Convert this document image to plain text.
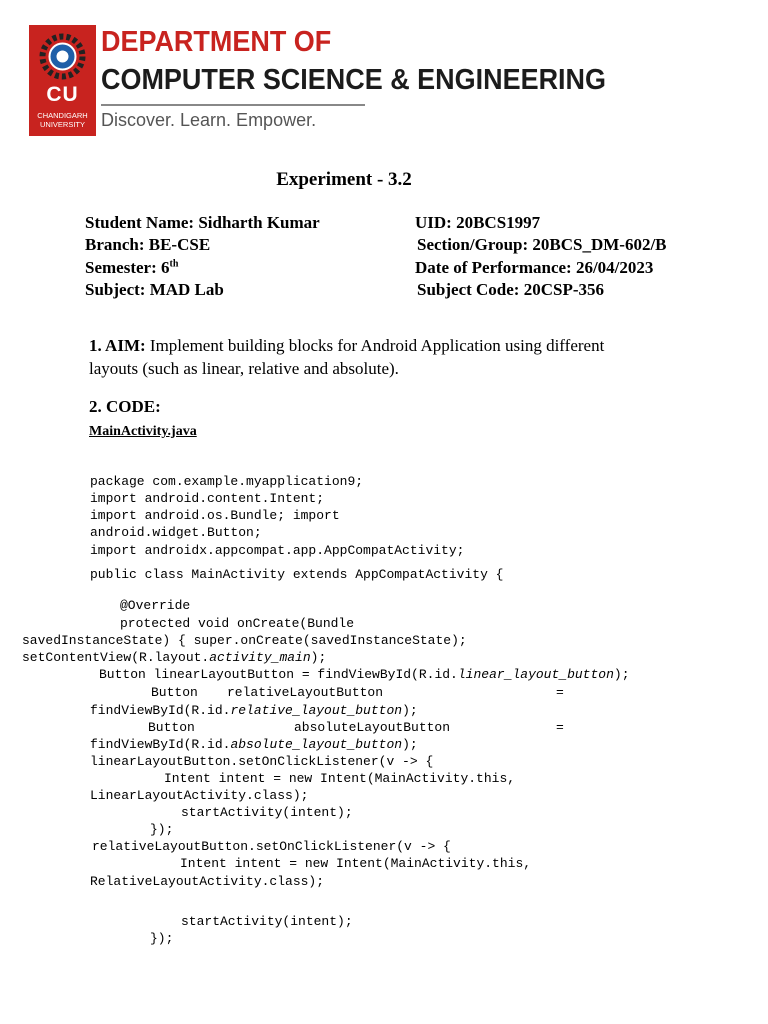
CU
CHANDIGARH
UNIVERSITY
DEPARTMENT OF
COMPUTER SCIENCE & ENGINEERING
Discover. Learn. Empower.
Experiment - 3.2
Student Name: Sidharth Kumar	UID: 20BCS1997
Branch: BE-CSE	Section/Group: 20BCS_DM-602/B
Semester: 6th	Date of Performance: 26/04/2023
Subject: MAD Lab	Subject Code: 20CSP-356
1. AIM: Implement building blocks for Android Application using different
layouts (such as linear, relative and absolute).
2. CODE:
MainActivity.java
package com.example.myapplication9;
import android.content.Intent;
import android.os.Bundle; import
android.widget.Button;
import androidx.appcompat.app.AppCompatActivity;
public class MainActivity extends AppCompatActivity {
@Override
protected void onCreate(Bundle
savedInstanceState) { super.onCreate(savedInstanceState);
setContentView(R.layout.activity_main);
Button linearLayoutButton = findViewById(R.id.linear_layout_button);
Button relativeLayoutButton	=
findViewById(R.id.relative_layout_button);
Button	absoluteLayoutButton	=
findViewById(R.id.absolute_layout_button);
linearLayoutButton.setOnClickListener(v -> {
Intent intent = new Intent(MainActivity.this,
LinearLayoutActivity.class);
startActivity(intent);
});
relativeLayoutButton.setOnClickListener(v -> {
Intent intent = new Intent(MainActivity.this,
RelativeLayoutActivity.class);
startActivity(intent);
});
